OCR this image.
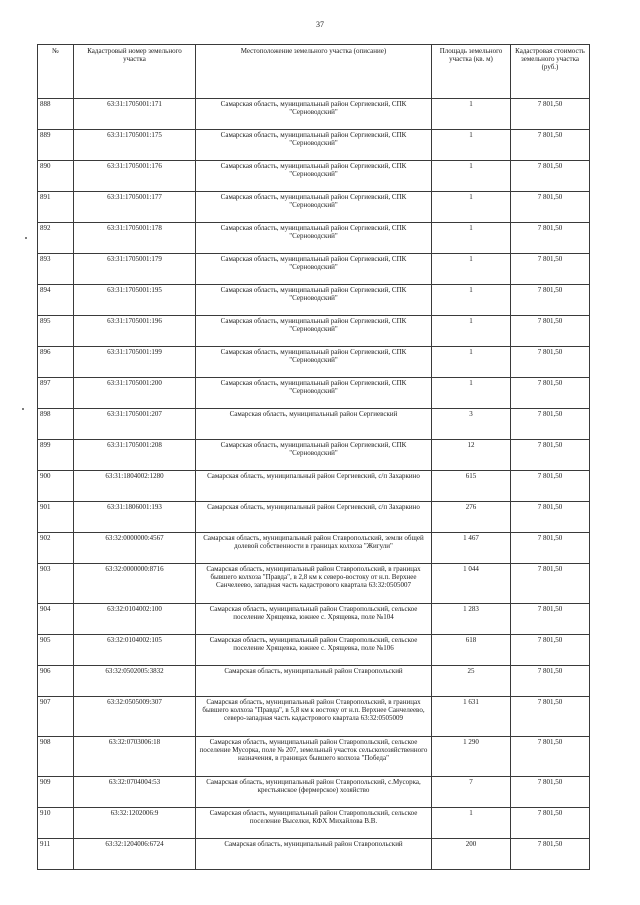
37
№	Кадастровый номер земельного участка	Местоположение земельного участка (описание)	Площадь земельного участка (кв. м)	Кадастровая стоимость земельного участка (руб.)
888	63:31:1705001:171	Самарская область, муниципальный район Сергиевский, СПК "Серноводский"	1	7 801,50
889	63:31:1705001:175	Самарская область, муниципальный район Сергиевский, СПК "Серноводский"	1	7 801,50
890	63:31:1705001:176	Самарская область, муниципальный район Сергиевский, СПК "Серноводский"	1	7 801,50
891	63:31:1705001:177	Самарская область, муниципальный район Сергиевский, СПК "Серноводский"	1	7 801,50
892	63:31:1705001:178	Самарская область, муниципальный район Сергиевский, СПК "Серноводский"	1	7 801,50
893	63:31:1705001:179	Самарская область, муниципальный район Сергиевский, СПК "Серноводский"	1	7 801,50
894	63:31:1705001:195	Самарская область, муниципальный район Сергиевский, СПК "Серноводский"	1	7 801,50
895	63:31:1705001:196	Самарская область, муниципальный район Сергиевский, СПК "Серноводский"	1	7 801,50
896	63:31:1705001:199	Самарская область, муниципальный район Сергиевский, СПК "Серноводский"	1	7 801,50
897	63:31:1705001:200	Самарская область, муниципальный район Сергиевский, СПК "Серноводский"	1	7 801,50
898	63:31:1705001:207	Самарская область, муниципальный район Сергиевский	3	7 801,50
899	63:31:1705001:208	Самарская область, муниципальный район Сергиевский, СПК "Серноводский"	12	7 801,50
900	63:31:1804002:1280	Самарская область, муниципальный район Сергиевский, с/п Захаркино	615	7 801,50
901	63:31:1806001:193	Самарская область, муниципальный район Сергиевский, с/п Захаркино	276	7 801,50
902	63:32:0000000:4567	Самарская область, муниципальный район Ставропольский, земли общей долевой собственности в границах колхоза "Жигули"	1 467	7 801,50
903	63:32:0000000:8716	Самарская область, муниципальный район Ставропольский, в границах бывшего колхоза "Правда", в 2,8 км к северо-востоку от н.п. Верхнее Санчелеево, западная часть кадастрового квартала 63:32:0505007	1 044	7 801,50
904	63:32:0104002:100	Самарская область, муниципальный район Ставропольский, сельское поселение Хрящевка, южнее с. Хрящевка, поле №104	1 283	7 801,50
905	63:32:0104002:105	Самарская область, муниципальный район Ставропольский, сельское поселение Хрящевка, южнее с. Хрящевка, поле №106	618	7 801,50
906	63:32:0502005:3832	Самарская область, муниципальный район Ставропольский	25	7 801,50
907	63:32:0505009:307	Самарская область, муниципальный район Ставропольский, в границах бывшего колхоза "Правда", в 5,8 км к востоку от н.п. Верхнее Санчелеево, северо-западная часть кадастрового квартала 63:32:0505009	1 631	7 801,50
908	63:32:0703006:18	Самарская область, муниципальный район Ставропольский, сельское поселение Мусорка, поле № 207, земельный участок сельскохозяйственного назначения, в границах бывшего колхоза "Победа"	1 290	7 801,50
909	63:32:0704004:53	Самарская область, муниципальный район Ставропольский, с.Мусорка, крестьянское (фермерское) хозяйство	7	7 801,50
910	63:32:1202006:9	Самарская область, муниципальный район Ставропольский, сельское поселение Выселки, КФХ Михайлова В.В.	1	7 801,50
911	63:32:1204006:6724	Самарская область, муниципальный район Ставропольский	200	7 801,50
